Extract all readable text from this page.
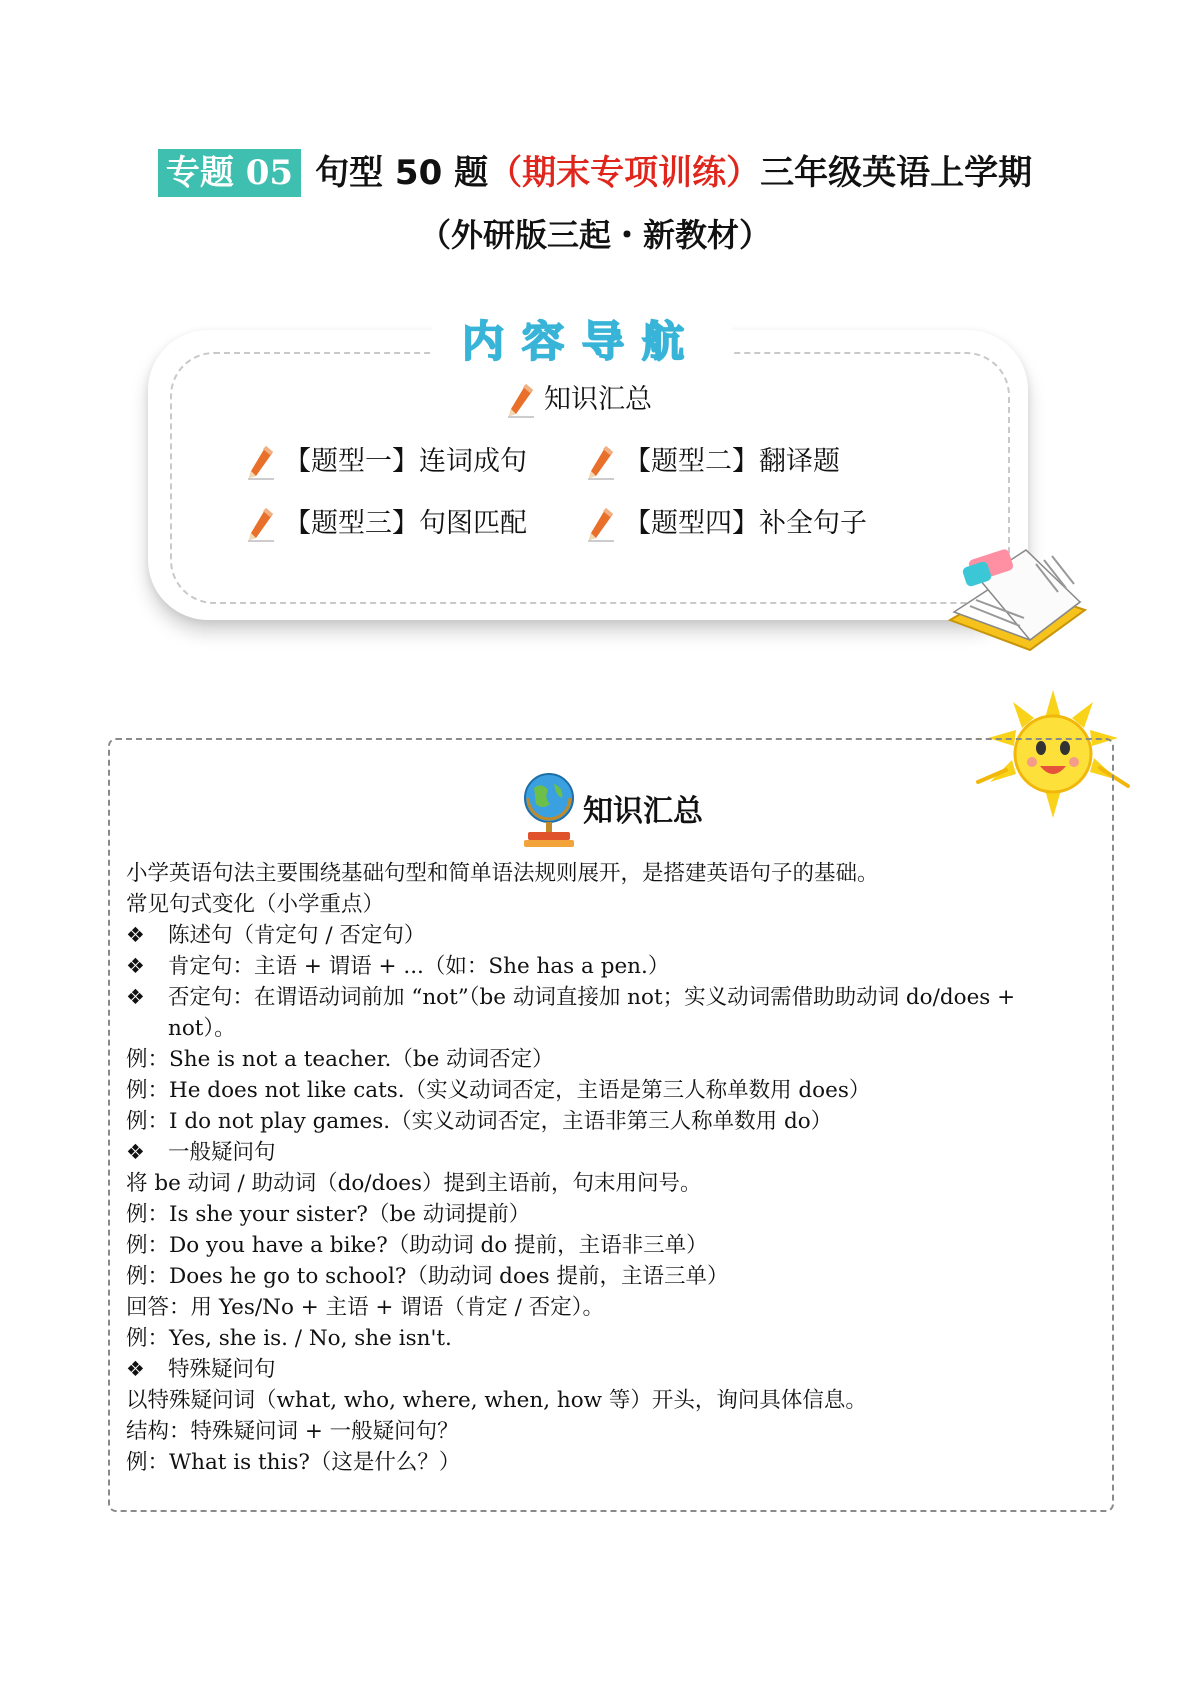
专题 05 句型 50 题（期末专项训练）三年级英语上学期
（外研版三起・新教材）
内容导航
知识汇总
【题型一】连词成句	【题型二】翻译题
【题型三】句图匹配	【题型四】补全句子
知识汇总
小学英语句法主要围绕基础句型和简单语法规则展开，是搭建英语句子的基础。
常见句式变化（小学重点）
❖ 陈述句（肯定句 / 否定句）
❖ 肯定句：主语 + 谓语 + ...（如：She has a pen.）
❖ 否定句：在谓语动词前加 “not”（be 动词直接加 not；实义动词需借助助动词 do/does +
not）。
例：She is not a teacher.（be 动词否定）
例：He does not like cats.（实义动词否定，主语是第三人称单数用 does）
例：I do not play games.（实义动词否定，主语非第三人称单数用 do）
❖ 一般疑问句
将 be 动词 / 助动词（do/does）提到主语前，句末用问号。
例：Is she your sister?（be 动词提前）
例：Do you have a bike?（助动词 do 提前，主语非三单）
例：Does he go to school?（助动词 does 提前，主语三单）
回答：用 Yes/No + 主语 + 谓语（肯定 / 否定）。
例：Yes, she is. / No, she isn't.
❖ 特殊疑问句
以特殊疑问词（what, who, where, when, how 等）开头，询问具体信息。
结构：特殊疑问词 + 一般疑问句？
例：What is this?（这是什么？）
